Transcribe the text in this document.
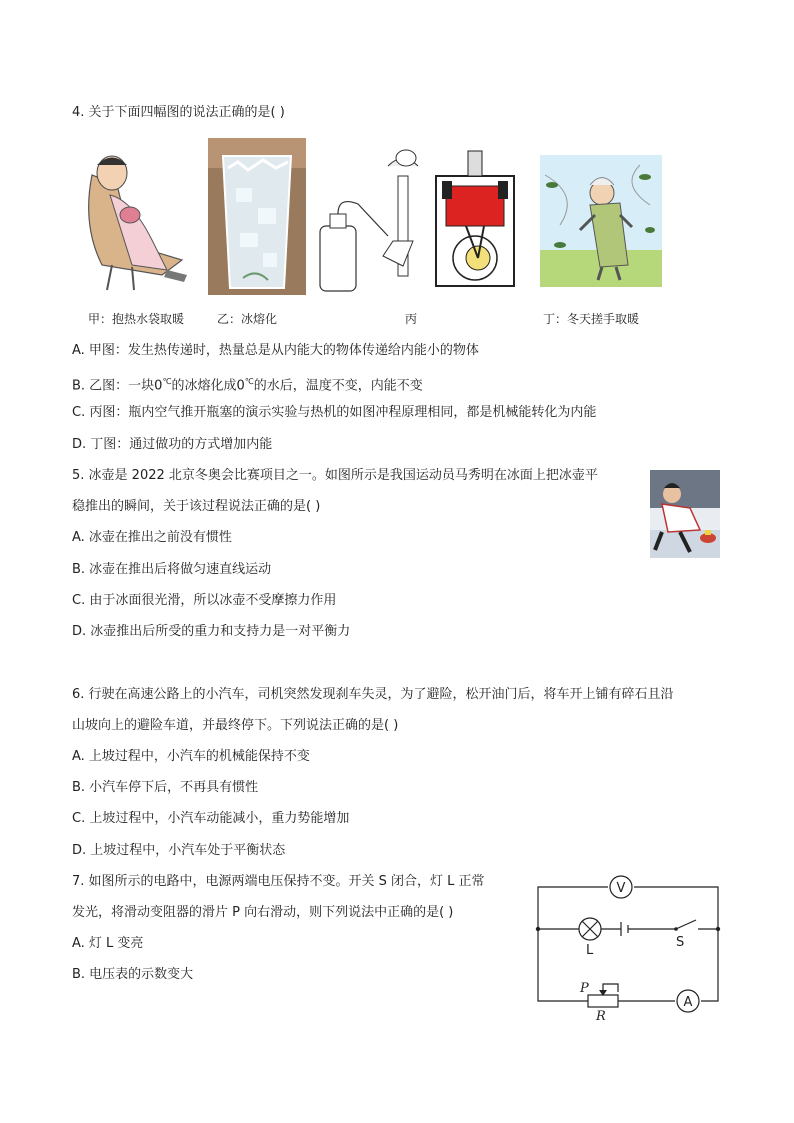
4. 关于下面四幅图的说法正确的是( )
甲：抱热水袋取暖	乙：冰熔化	丙	丁：冬天搓手取暖
A. 甲图：发生热传递时，热量总是从内能大的物体传递给内能小的物体
B. 乙图：一块0℃的冰熔化成0℃的水后，温度不变，内能不变
C. 丙图：瓶内空气推开瓶塞的演示实验与热机的如图冲程原理相同，都是机械能转化为内能
D. 丁图：通过做功的方式增加内能
5. 冰壶是 2022 北京冬奥会比赛项目之一。如图所示是我国运动员马秀明在冰面上把冰壶平
稳推出的瞬间，关于该过程说法正确的是( )
A. 冰壶在推出之前没有惯性
B. 冰壶在推出后将做匀速直线运动
C. 由于冰面很光滑，所以冰壶不受摩擦力作用
D. 冰壶推出后所受的重力和支持力是一对平衡力
6. 行驶在高速公路上的小汽车，司机突然发现刹车失灵，为了避险，松开油门后，将车开上铺有碎石且沿
山坡向上的避险车道，并最终停下。下列说法正确的是( )
A. 上坡过程中，小汽车的机械能保持不变
B. 小汽车停下后，不再具有惯性
C. 上坡过程中，小汽车动能减小，重力势能增加
D. 上坡过程中，小汽车处于平衡状态
7. 如图所示的电路中，电源两端电压保持不变。开关 S 闭合，灯 L 正常
发光，将滑动变阻器的滑片 P 向右滑动，则下列说法中正确的是( )
A. 灯 L 变亮
B. 电压表的示数变大
V
A
L
S
P
R
